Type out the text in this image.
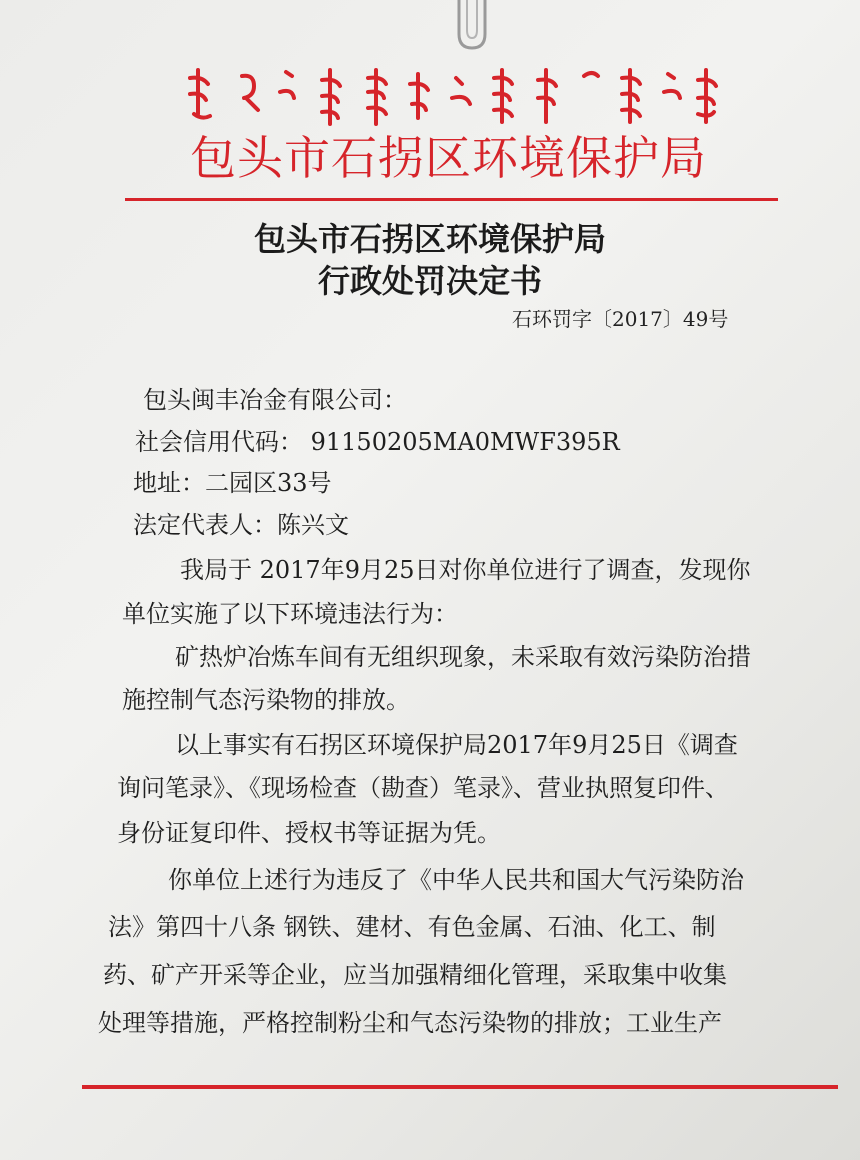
包头市石拐区环境保护局
包头市石拐区环境保护局
行政处罚决定书
石环罚字〔2017〕49号
包头闽丰冶金有限公司：
社会信用代码： 91150205MA0MWF395R
地址：二园区33号
法定代表人：陈兴文
我局于 2017年9月25日对你单位进行了调查，发现你
单位实施了以下环境违法行为：
矿热炉冶炼车间有无组织现象，未采取有效污染防治措
施控制气态污染物的排放。
以上事实有石拐区环境保护局2017年9月25日《调查
询问笔录》、《现场检查（勘查）笔录》、营业执照复印件、
身份证复印件、授权书等证据为凭。
你单位上述行为违反了《中华人民共和国大气污染防治
法》第四十八条 钢铁、建材、有色金属、石油、化工、制
药、矿产开采等企业，应当加强精细化管理，采取集中收集
处理等措施，严格控制粉尘和气态污染物的排放；工业生产
